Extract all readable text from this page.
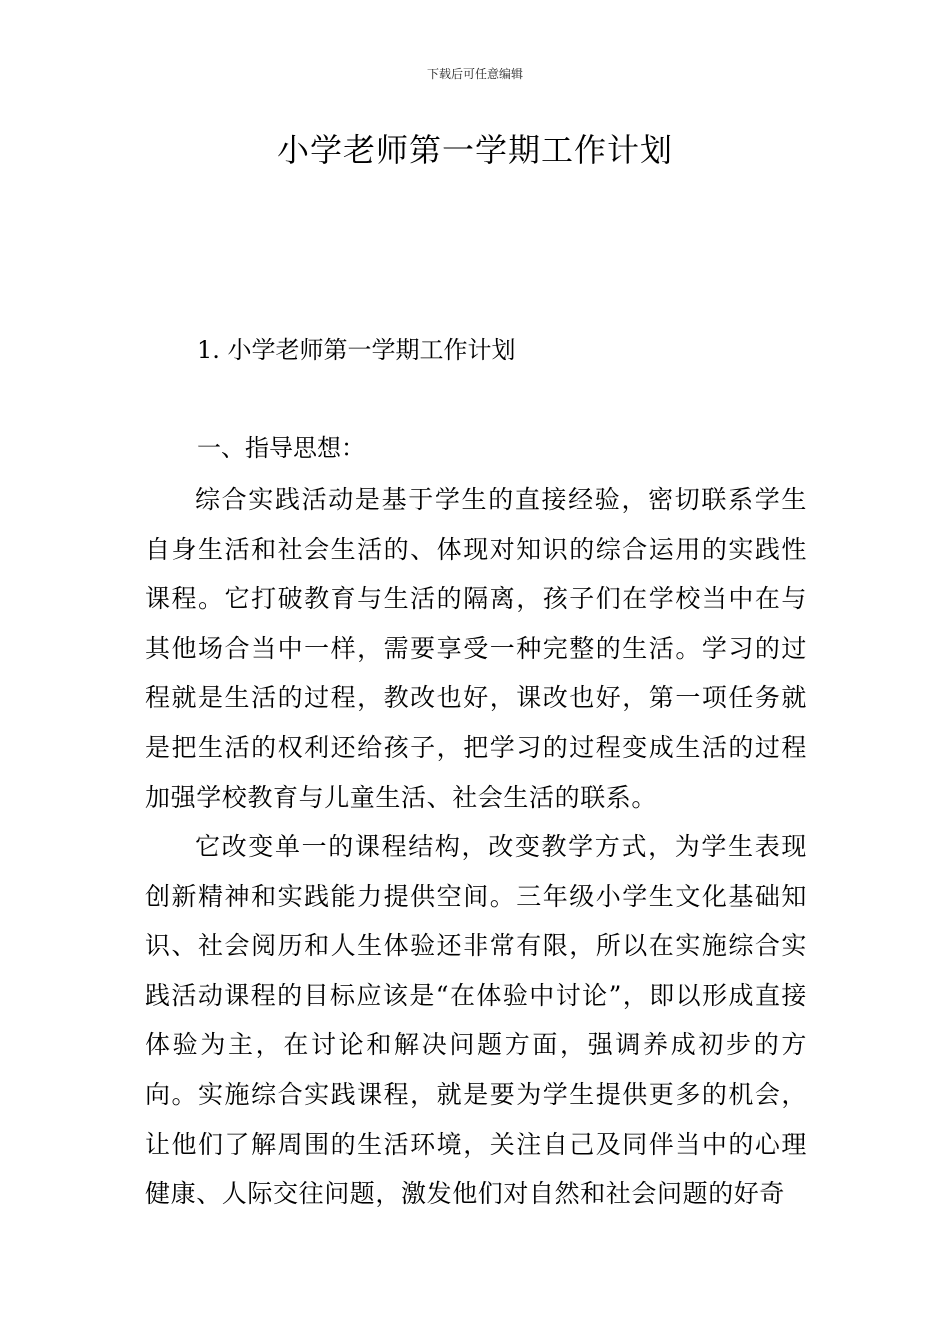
下载后可任意编辑
小学老师第一学期工作计划
1. 小学老师第一学期工作计划
一、指导思想：

综合实践活动是基于学生的直接经验，密切联系学生自身生活和社会生活的、体现对知识的综合运用的实践性课程。它打破教育与生活的隔离，孩子们在学校当中在与其他场合当中一样，需要享受一种完整的生活。学习的过程就是生活的过程，教改也好，课改也好，第一项任务就是把生活的权利还给孩子，把学习的过程变成生活的过程加强学校教育与儿童生活、社会生活的联系。

它改变单一的课程结构，改变教学方式，为学生表现创新精神和实践能力提供空间。三年级小学生文化基础知识、社会阅历和人生体验还非常有限，所以在实施综合实践活动课程的目标应该是“在体验中讨论”，即以形成直接体验为主，在讨论和解决问题方面，强调养成初步的方向。实施综合实践课程，就是要为学生提供更多的机会，让他们了解周围的生活环境，关注自己及同伴当中的心理健康、人际交往问题，激发他们对自然和社会问题的好奇
